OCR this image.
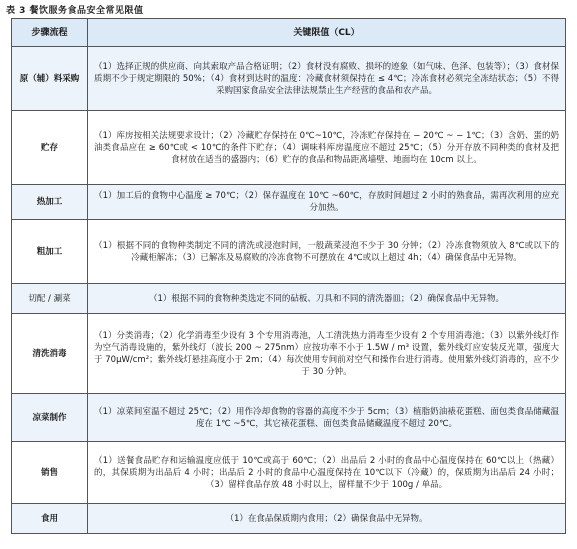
表 3 餐饮服务食品安全常见限值
步骤流程	关键限值（CL）
原（辅）料采购	（1）选择正规的供应商、向其索取产品合格证明；（2）食材没有腐败、损坏的迹象（如气味、色泽、包装等）；（3）食材保质期不少于规定期限的 50%；（4）食材到达时的温度：冷藏食材须保持在 ≤ 4℃；冷冻食材必须完全冻结状态；（5）不得采购国家食品安全法律法规禁止生产经营的食品和农产品。
贮存	（1）库房按相关法规要求设计；（2）冷藏贮存保持在 0℃~10℃，冷冻贮存保持在 − 20℃ ~ − 1℃；（3）含奶、蛋的奶油类食品应在 ≥ 60℃或 < 10℃的条件下贮存；（4）调味料库房温度应不超过 25℃；（5）分开存放不同种类的食材及把食材放在适当的盛器内；（6）贮存的食品和物品距离墙壁、地面均在 10cm 以上。
热加工	（1）加工后的食物中心温度 ≥ 70℃；（2）保存温度在 10℃ ~60℃，存放时间超过 2 小时的熟食品，需再次利用的应充分加热。
粗加工	（1）根据不同的食物种类制定不同的清洗或浸泡时间，一般蔬菜浸泡不少于 30 分钟；（2）冷冻食物须放入 8℃或以下的冷藏柜解冻；（3）已解冻及易腐败的冷冻食物不可摆放在 4℃或以上超过 4h；（4）确保食品中无异物。
切配 / 涮菜	（1）根据不同的食物种类选定不同的砧板、刀具和不同的清洗器皿；（2）确保食品中无异物。
清洗消毒	（1）分类消毒；（2）化学消毒至少设有 3 个专用消毒池，人工清洗热力消毒至少设有 2 个专用消毒池；（3）以紫外线灯作为空气消毒设施的，紫外线灯（波长 200 ~ 275nm）应按功率不小于 1.5W / m³ 设置，紫外线灯应安装反光罩，强度大于 70μW/cm²；紫外线灯悬挂高度小于 2m；（4）每次使用专间前对空气和操作台进行消毒。使用紫外线灯消毒的，应不少于 30 分钟。
凉菜制作	（1）凉菜间室温不超过 25℃；（2）用作冷却食物的容器的高度不少于 5cm；（3）植脂奶油裱花蛋糕、面包类食品储藏温度在 1℃ ~5℃，其它裱花蛋糕、面包类食品储藏温度不超过 20℃。
销售	（1）送餐食品贮存和运输温度应低于 10℃或高于 60℃；（2）出品后 2 小时的食品中心温度保持在 60℃以上（热藏）的，其保质期为出品后 4 小时；出品后 2 小时的食品中心温度保持在 10℃以下（冷藏）的，保质期为出品后 24 小时；（3）留样食品存放 48 小时以上，留样量不少于 100g / 单品。
食用	（1）在食品保质期内食用；（2）确保食品中无异物。
